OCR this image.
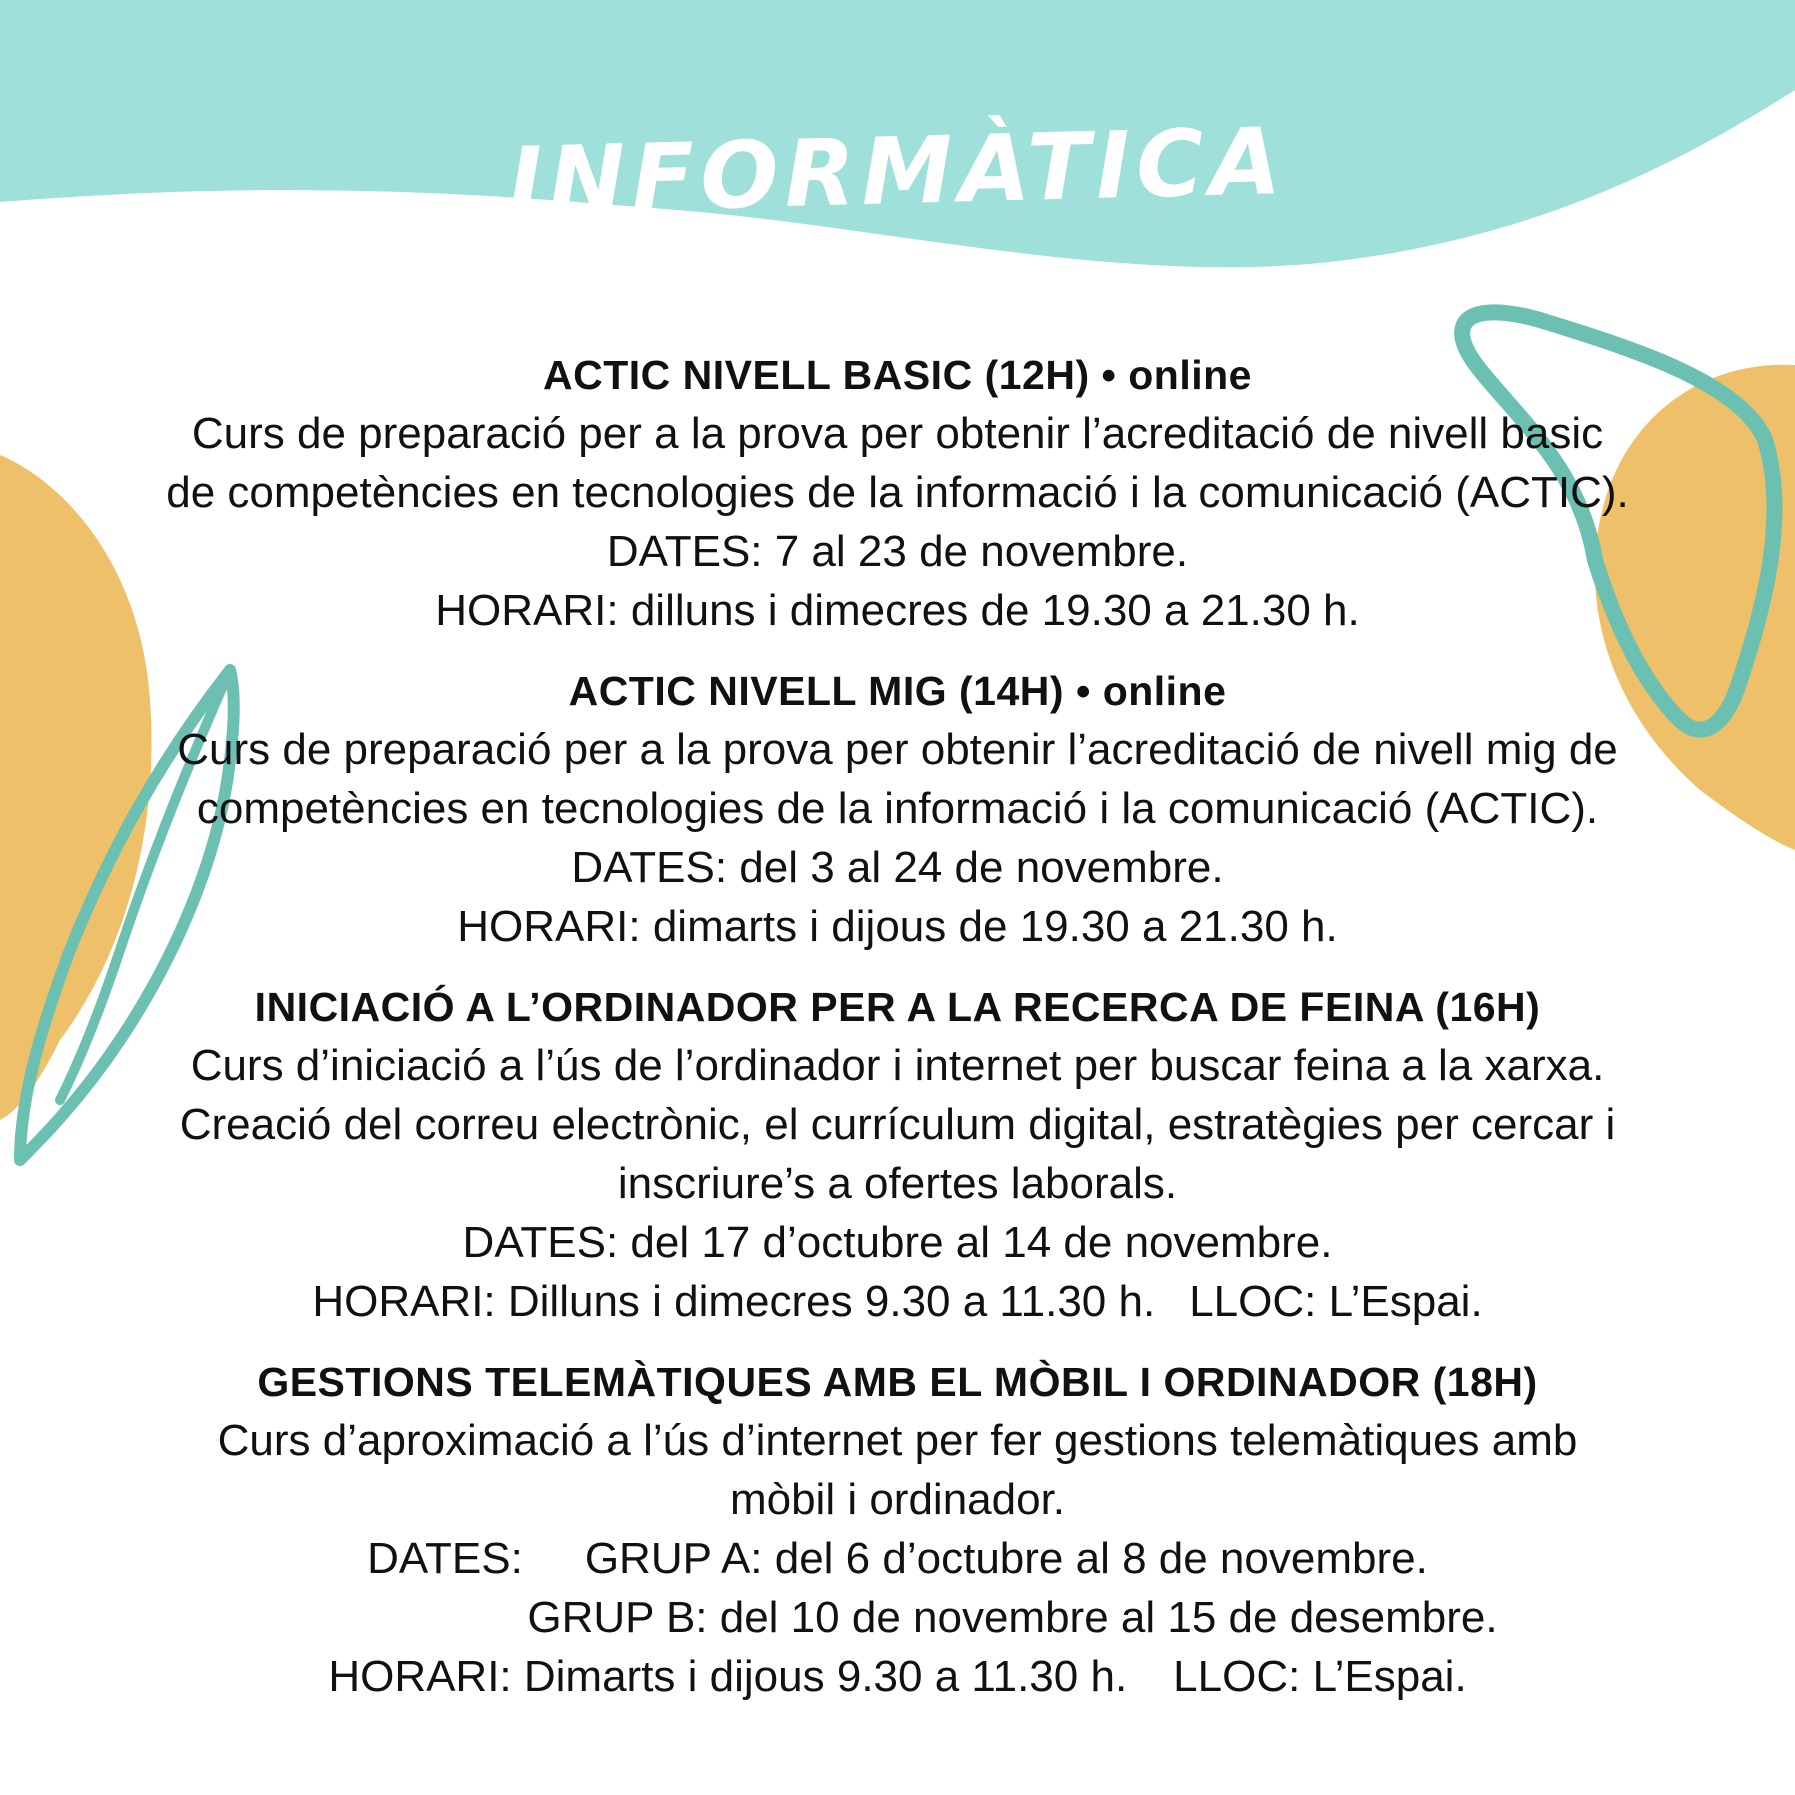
INFORMÀTICA
ACTIC NIVELL BASIC (12H) • online
Curs de preparació per a la prova per obtenir l’acreditació de nivell basic
de competències en tecnologies de la informació i la comunicació (ACTIC).
DATES: 7 al 23 de novembre.
HORARI: dilluns i dimecres de 19.30 a 21.30 h.
ACTIC NIVELL MIG (14H) • online
Curs de preparació per a la prova per obtenir l’acreditació de nivell mig de
competències en tecnologies de la informació i la comunicació (ACTIC).
DATES: del 3 al 24 de novembre.
HORARI: dimarts i dijous de 19.30 a 21.30 h.
INICIACIÓ A L’ORDINADOR PER A LA RECERCA DE FEINA (16H)
Curs d’iniciació a l’ús de l’ordinador i internet per buscar feina a la xarxa.
Creació del correu electrònic, el currículum digital, estratègies per cercar i
inscriure’s a ofertes laborals.
DATES: del 17 d’octubre al 14 de novembre.
HORARI: Dilluns i dimecres 9.30 a 11.30 h. LLOC: L’Espai.
GESTIONS TELEMÀTIQUES AMB EL MÒBIL I ORDINADOR (18H)
Curs d’aproximació a l’ús d’internet per fer gestions telemàtiques amb
mòbil i ordinador.
DATES: GRUP A: del 6 d’octubre al 8 de novembre.
GRUP B: del 10 de novembre al 15 de desembre.
HORARI: Dimarts i dijous 9.30 a 11.30 h. LLOC: L’Espai.
